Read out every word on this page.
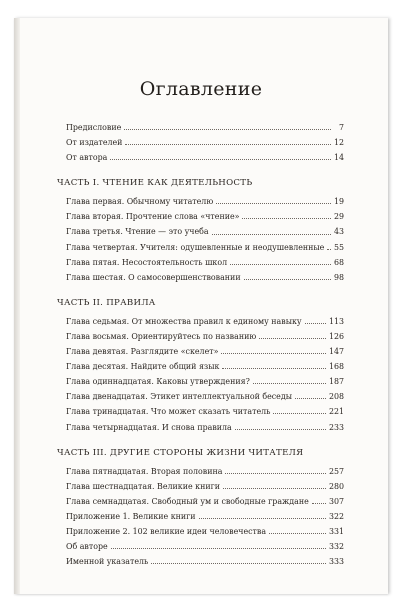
Оглавление
Предисловие	7
От издателей	12
От автора	14
ЧАСТЬ I. ЧТЕНИЕ КАК ДЕЯТЕЛЬНОСТЬ
Глава первая. Обычному читателю	19
Глава вторая. Прочтение слова «чтение»	29
Глава третья. Чтение — это учеба	43
Глава четвертая. Учителя: одушевленные и неодушевленные 55
Глава пятая. Несостоятельность школ	68
Глава шестая. О самосовершенствовании	98
ЧАСТЬ II. ПРАВИЛА
Глава седьмая. От множества правил к единому навыку	113
Глава восьмая. Ориентируйтесь по названию	126
Глава девятая. Разглядите «скелет»	147
Глава десятая. Найдите общий язык	168
Глава одиннадцатая. Каковы утверждения?	187
Глава двенадцатая. Этикет интеллектуальной беседы	208
Глава тринадцатая. Что может сказать читатель	221
Глава четырнадцатая. И снова правила	233
ЧАСТЬ III. ДРУГИЕ СТОРОНЫ ЖИЗНИ ЧИТАТЕЛЯ
Глава пятнадцатая. Вторая половина	257
Глава шестнадцатая. Великие книги	280
Глава семнадцатая. Свободный ум и свободные граждане	307
Приложение 1. Великие книги	322
Приложение 2. 102 великие идеи человечества	331
Об авторе	332
Именной указатель	333
